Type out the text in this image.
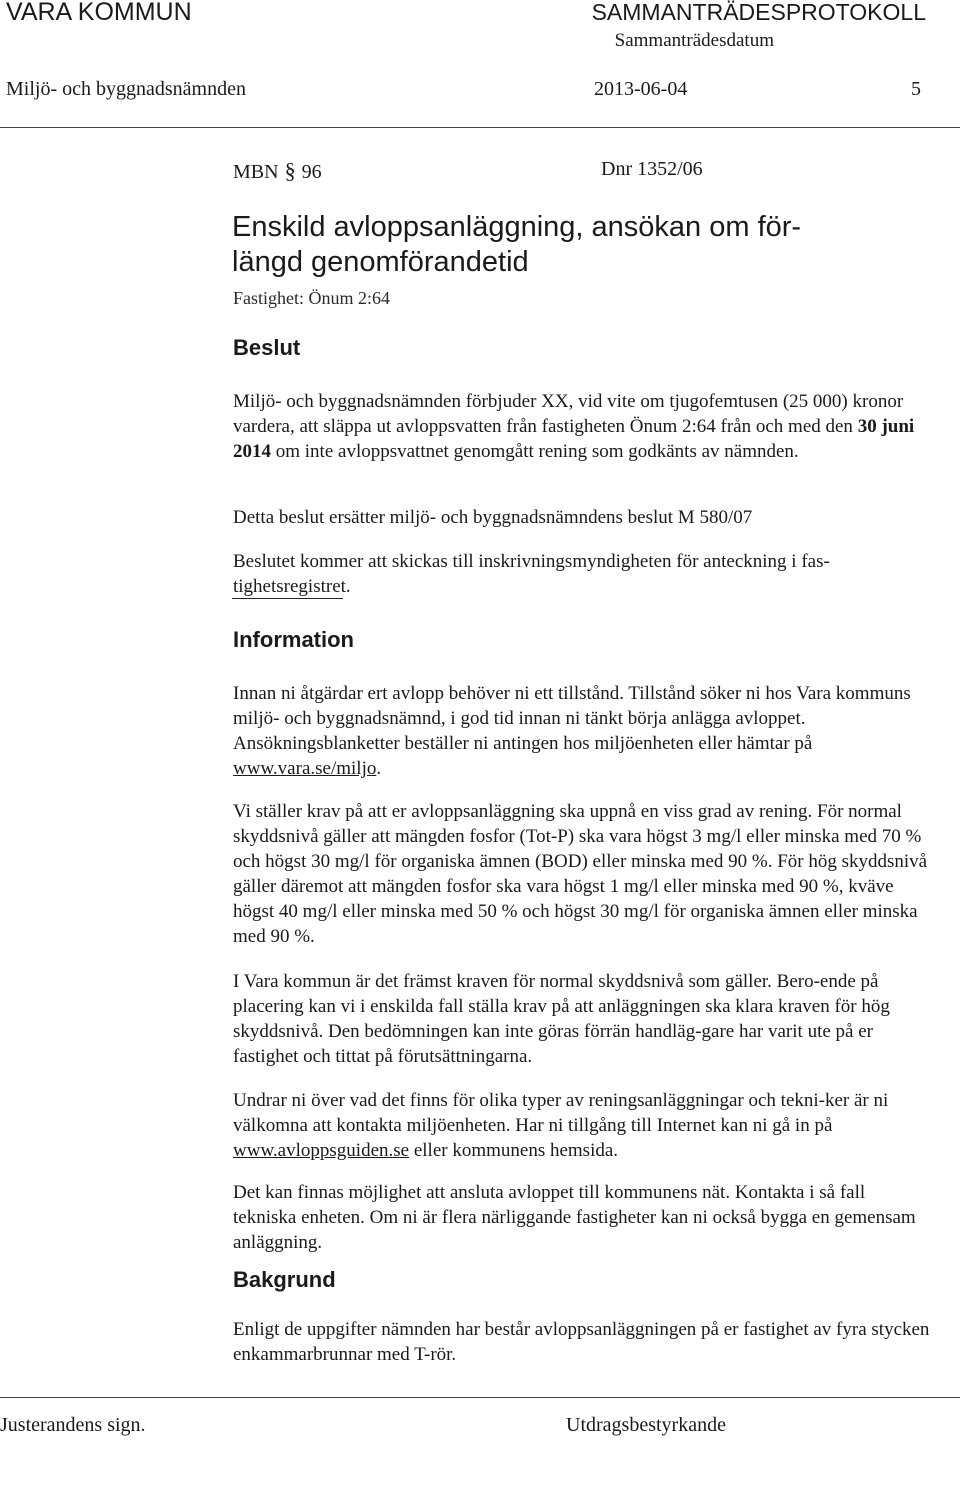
VARA KOMMUN	SAMMANTRÄDESPROTOKOLL
Sammanträdesdatum
Miljö- och byggnadsnämnden	2013-06-04	5
MBN § 96	Dnr 1352/06
Enskild avloppsanläggning, ansökan om för-
längd genomförandetid
Fastighet: Önum 2:64
Beslut

Miljö- och byggnadsnämnden förbjuder XX, vid vite om tjugofemtusen (25 000) kronor vardera, att släppa ut avloppsvatten från fastigheten Önum 2:64 från och med den 30 juni 2014 om inte avloppsvattnet genomgått rening som godkänts av nämnden.

Detta beslut ersätter miljö- och byggnadsnämndens beslut M 580/07

Beslutet kommer att skickas till inskrivningsmyndigheten för anteckning i fas-tighetsregistret.

Information

Innan ni åtgärdar ert avlopp behöver ni ett tillstånd. Tillstånd söker ni hos Vara kommuns miljö- och byggnadsnämnd, i god tid innan ni tänkt börja anlägga avloppet. Ansökningsblanketter beställer ni antingen hos miljöenheten eller hämtar på www.vara.se/miljo.

Vi ställer krav på att er avloppsanläggning ska uppnå en viss grad av rening. För normal skyddsnivå gäller att mängden fosfor (Tot-P) ska vara högst 3 mg/l eller minska med 70 % och högst 30 mg/l för organiska ämnen (BOD) eller minska med 90 %. För hög skyddsnivå gäller däremot att mängden fosfor ska vara högst 1 mg/l eller minska med 90 %, kväve högst 40 mg/l eller minska med 50 % och högst 30 mg/l för organiska ämnen eller minska med 90 %.

I Vara kommun är det främst kraven för normal skyddsnivå som gäller. Bero-ende på placering kan vi i enskilda fall ställa krav på att anläggningen ska klara kraven för hög skyddsnivå. Den bedömningen kan inte göras förrän handläg-gare har varit ute på er fastighet och tittat på förutsättningarna.

Undrar ni över vad det finns för olika typer av reningsanläggningar och tekni-ker är ni välkomna att kontakta miljöenheten. Har ni tillgång till Internet kan ni gå in på www.avloppsguiden.se eller kommunens hemsida.

Det kan finnas möjlighet att ansluta avloppet till kommunens nät. Kontakta i så fall tekniska enheten. Om ni är flera närliggande fastigheter kan ni också bygga en gemensam anläggning.

Bakgrund

Enligt de uppgifter nämnden har består avloppsanläggningen på er fastighet av fyra stycken enkammarbrunnar med T-rör.

Justerandens sign.	Utdragsbestyrkande
